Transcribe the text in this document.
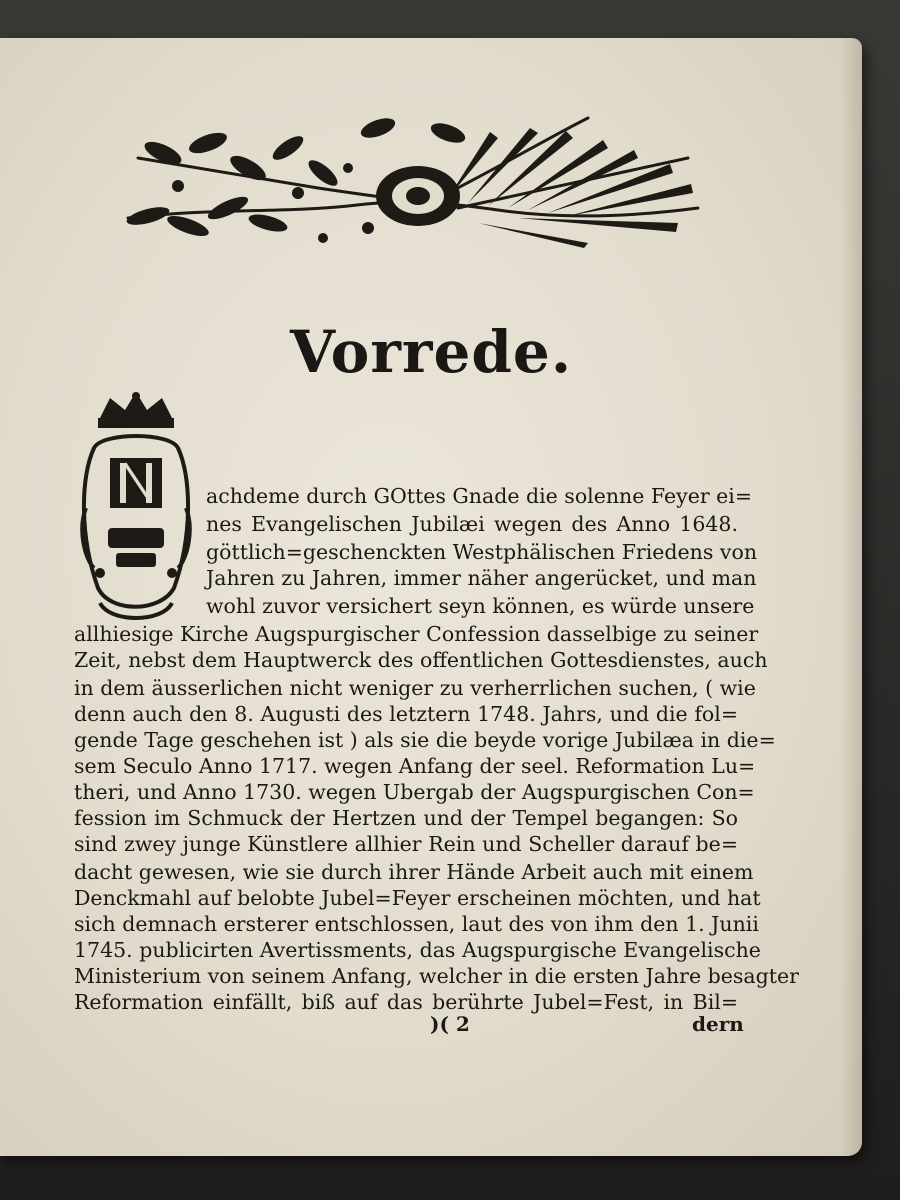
Vorrede.
achdeme durch GOttes Gnade die solenne Feyer ei=
nes Evangelischen Jubilæi wegen des Anno 1648.
göttlich=geschenckten Westphälischen Friedens von
Jahren zu Jahren, immer näher angerücket, und man
wohl zuvor versichert seyn können, es würde unsere
allhiesige Kirche Augspurgischer Confession dasselbige zu seiner
Zeit, nebst dem Hauptwerck des offentlichen Gottesdienstes, auch
in dem äusserlichen nicht weniger zu verherrlichen suchen, ( wie
denn auch den 8. Augusti des letztern 1748. Jahrs, und die fol=
gende Tage geschehen ist ) als sie die beyde vorige Jubilæa in die=
sem Seculo Anno 1717. wegen Anfang der seel. Reformation Lu=
theri, und Anno 1730. wegen Ubergab der Augspurgischen Con=
fession im Schmuck der Hertzen und der Tempel begangen: So
sind zwey junge Künstlere allhier Rein und Scheller darauf be=
dacht gewesen, wie sie durch ihrer Hände Arbeit auch mit einem
Denckmahl auf belobte Jubel=Feyer erscheinen möchten, und hat
sich demnach ersterer entschlossen, laut des von ihm den 1. Junii
1745. publicirten Avertissments, das Augspurgische Evangelische
Ministerium von seinem Anfang, welcher in die ersten Jahre besagter
Reformation einfällt, biß auf das berührte Jubel=Fest, in Bil=
)( 2	dern
